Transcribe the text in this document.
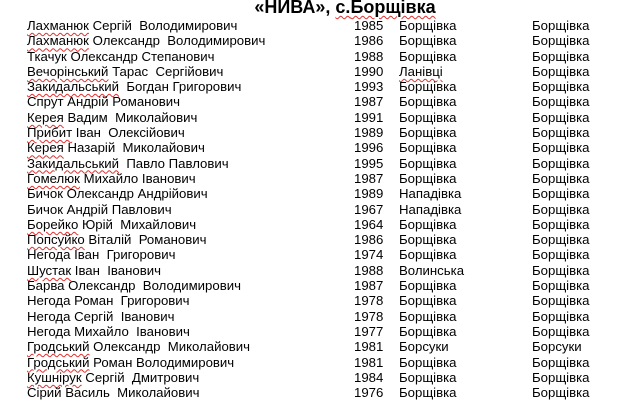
«НИВА», с.Борщівка
Лахманюк Сергій  Володимирович	1985 Борщівка	Борщівка
Лахманюк Олександр  Володимирович	1986 Борщівка	Борщівка
Ткачук Олександр Степанович	1988 Борщівка	Борщівка
Вечорінський Тарас  Сергійович	1990 Ланівці	Борщівка
Закидальський  Богдан Григорович	1993 Борщівка	Борщівка
Спрут Андрій Романович	1987 Борщівка	Борщівка
Керея Вадим  Миколайович	1991 Борщівка	Борщівка
Прибит Іван  Олексійович	1989 Борщівка	Борщівка
Керея Назарій  Миколайович	1996 Борщівка	Борщівка
Закидальський  Павло Павлович	1995 Борщівка	Борщівка
Гомелюк Михайло Іванович	1987 Борщівка	Борщівка
Бичок Олександр Андрійович	1989 Нападівка	Борщівка
Бичок Андрій Павлович	1967 Нападівка	Борщівка
Борейко Юрій  Михайлович	1964 Борщівка	Борщівка
Попсуйко Віталій  Романович	1986 Борщівка	Борщівка
Негода Іван  Григорович	1974 Борщівка	Борщівка
Шустак Іван  Іванович	1988 Волинська	Борщівка
Барва Олександр  Володимирович	1987 Борщівка	Борщівка
Негода Роман  Григорович	1978 Борщівка	Борщівка
Негода Сергій  Іванович	1978 Борщівка	Борщівка
Негода Михайло  Іванович	1977 Борщівка	Борщівка
Гродський Олександр  Миколайович	1981 Борсуки	Борсуки
Гродський Роман Володимирович	1981 Борщівка	Борщівка
Кушнірук Сергій  Дмитрович	1984 Борщівка	Борщівка
Сірий Василь  Миколайович	1976 Борщівка	Борщівка
